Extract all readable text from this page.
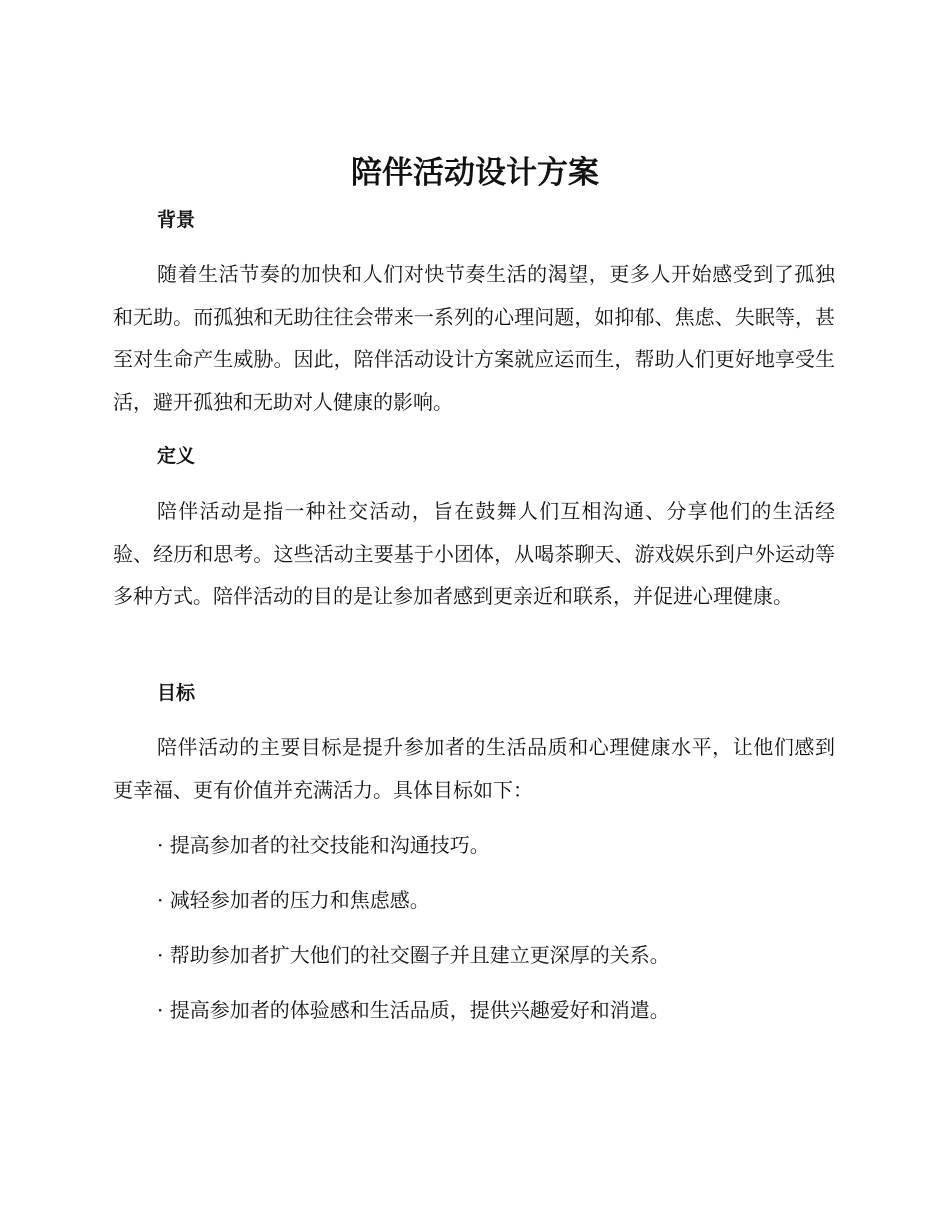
陪伴活动设计方案
背景

随着生活节奏的加快和人们对快节奏生活的渴望，更多人开始感受到了孤独和无助。而孤独和无助往往会带来一系列的心理问题，如抑郁、焦虑、失眠等，甚至对生命产生威胁。因此，陪伴活动设计方案就应运而生，帮助人们更好地享受生活，避开孤独和无助对人健康的影响。

定义

陪伴活动是指一种社交活动，旨在鼓舞人们互相沟通、分享他们的生活经验、经历和思考。这些活动主要基于小团体，从喝茶聊天、游戏娱乐到户外运动等多种方式。陪伴活动的目的是让参加者感到更亲近和联系，并促进心理健康。

目标

陪伴活动的主要目标是提升参加者的生活品质和心理健康水平，让他们感到更幸福、更有价值并充满活力。具体目标如下：

· 提高参加者的社交技能和沟通技巧。
· 减轻参加者的压力和焦虑感。
· 帮助参加者扩大他们的社交圈子并且建立更深厚的关系。
· 提高参加者的体验感和生活品质，提供兴趣爱好和消遣。
